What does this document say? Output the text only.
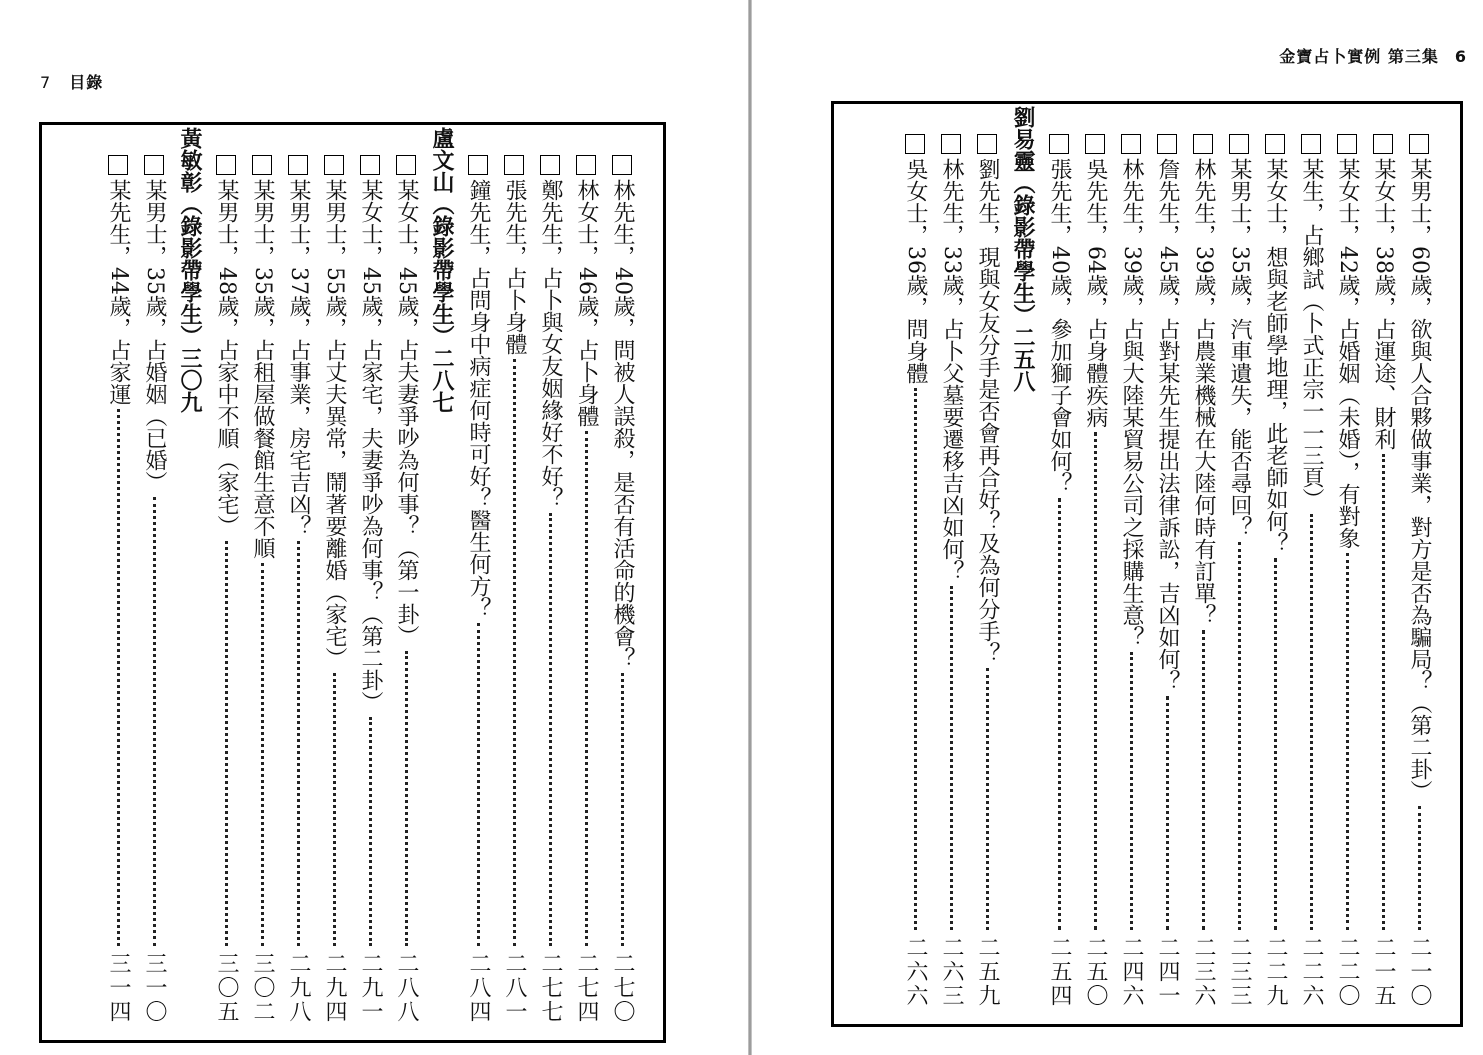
7 目錄
林先生，40歲，問被人誤殺，是否有活命的機會？
二七〇
林女士，46歲，占卜身體
二七四
鄭先生，占卜與女友姻緣好不好？
二七七
張先生，占卜身體
二八一
鐘先生，占問身中病症何時可好？醫生何方？
二八四
盧文山（錄影帶學生）
二八七
某女士，45歲，占夫妻爭吵為何事？（第一卦）
二八八
某女士，45歲，占家宅，夫妻爭吵為何事？（第二卦）
二九一
某男士，55歲，占丈夫異常，鬧著要離婚（家宅）
二九四
某男士，37歲，占事業，房宅吉凶？
二九八
某男士，35歲，占租屋做餐館生意不順
三〇二
某男士，48歲，占家中不順（家宅）
三〇五
黃敏彰（錄影帶學生）
三〇九
某男士，35歲，占婚姻（已婚）
三一〇
某先生，44歲，占家運
三一四
金寶占卜實例 第三集 6
某男士，60歲，欲與人合夥做事業，對方是否為騙局？（第二卦）
二一〇
某女士，38歲，占運途、財利
二一五
某女士，42歲，占婚姻（未婚），有對象
二二〇
某生，占鄉試（卜式正宗一一三頁）
二二六
某女士，想與老師學地理，此老師如何？
二二九
某男士，35歲，汽車遺失，能否尋回？
二三三
林先生，39歲，占農業機械在大陸何時有訂單？
二三六
詹先生，45歲，占對某先生提出法律訴訟，吉凶如何？
二四一
林先生，39歲，占與大陸某貿易公司之採購生意？
二四六
吳先生，64歲，占身體疾病
二五〇
張先生，40歲，參加獅子會如何？
二五四
劉易靈（錄影帶學生）
二五八
劉先生，現與女友分手是否會再合好？及為何分手？
二五九
林先生，33歲，占卜父墓要遷移吉凶如何？
二六三
吳女士，36歲，問身體
二六六
